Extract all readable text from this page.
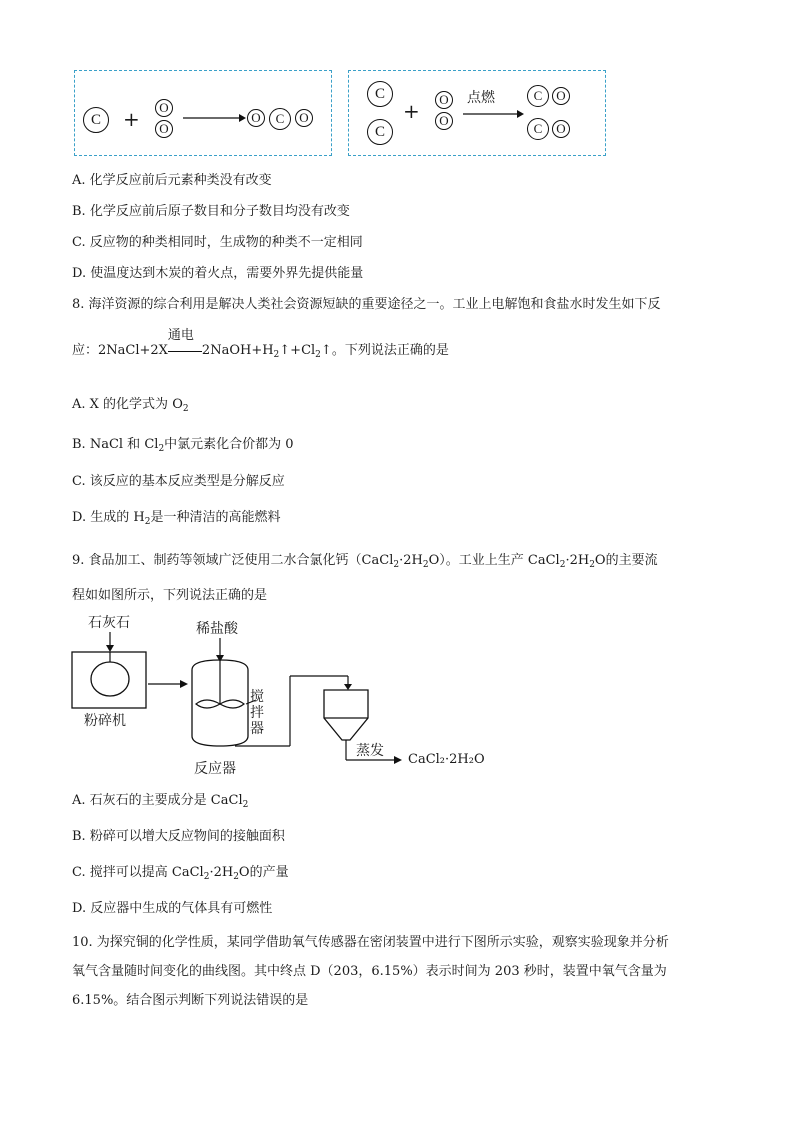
C	+	O
O
O	C	O
C
C
+	O
O
点燃	C	O
C	O
A. 化学反应前后元素种类没有改变
B. 化学反应前后原子数目和分子数目均没有改变
C. 反应物的种类相同时，生成物的种类不一定相同
D. 使温度达到木炭的着火点，需要外界先提供能量
8. 海洋资源的综合利用是解决人类社会资源短缺的重要途径之一。工业上电解饱和食盐水时发生如下反
应：2NaCl+2X
通电
$2NaOH+H_2↑+Cl_2↑$。下列说法正确的是
A. X 的化学式为 $O_2$
B. NaCl 和 $Cl_2$中氯元素化合价都为 0
C. 该反应的基本反应类型是分解反应
D. 生成的 $H_2$是一种清洁的高能燃料
9. 食品加工、制药等领域广泛使用二水合氯化钙$(CaCl_2\cdot 2H_2O)$。工业上生产 $CaCl_2\cdot 2H_2O$的主要流
程如如图所示，下列说法正确的是
石灰石	稀盐酸
粉碎机
搅
拌
器
反应器
蒸发
CaCl₂·2H₂O
A. 石灰石的主要成分是 CaCl$_2$
B. 粉碎可以增大反应物间的接触面积
C. 搅拌可以提高 $CaCl_2\cdot 2H_2O$的产量
D. 反应器中生成的气体具有可燃性
10. 为探究铜的化学性质，某同学借助氧气传感器在密闭装置中进行下图所示实验，观察实验现象并分析
氧气含量随时间变化的曲线图。其中终点 D（203，6.15%）表示时间为 203 秒时，装置中氧气含量为
6.15%。结合图示判断下列说法错误的是
